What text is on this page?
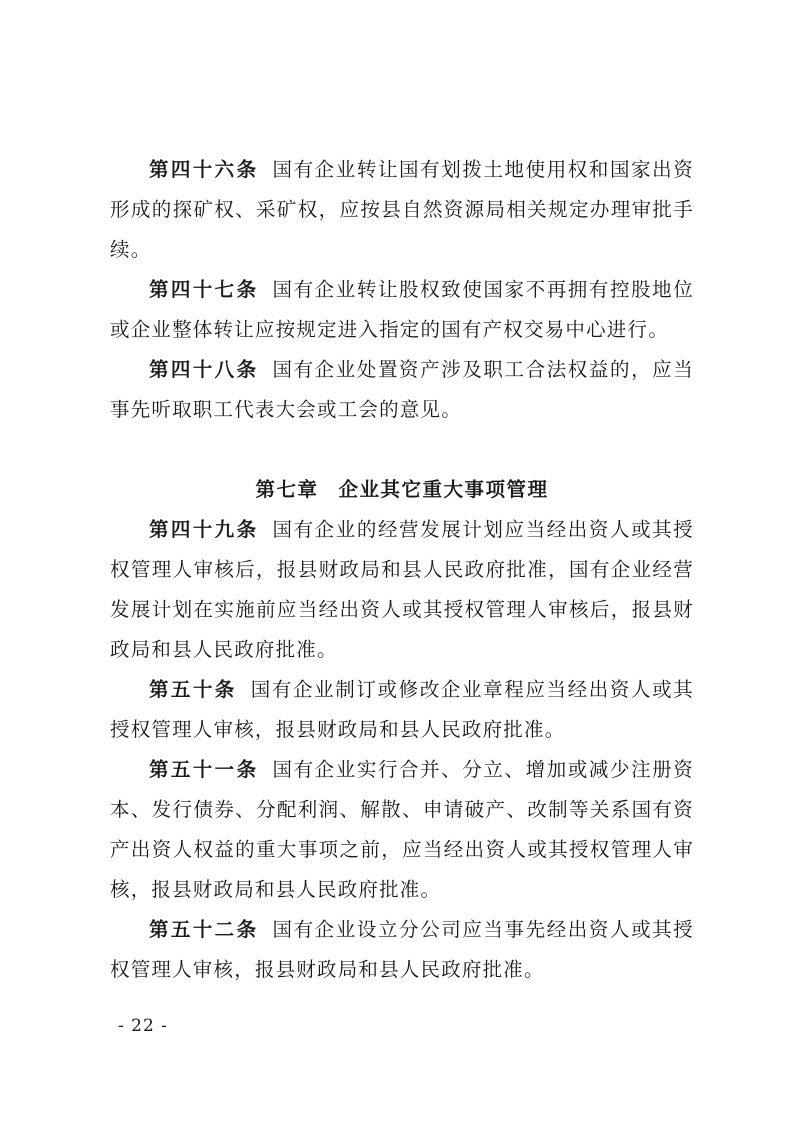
第四十六条 国有企业转让国有划拨土地使用权和国家出资形成的探矿权、采矿权，应按县自然资源局相关规定办理审批手续。

第四十七条 国有企业转让股权致使国家不再拥有控股地位或企业整体转让应按规定进入指定的国有产权交易中心进行。

第四十八条 国有企业处置资产涉及职工合法权益的，应当事先听取职工代表大会或工会的意见。

第七章 企业其它重大事项管理

第四十九条 国有企业的经营发展计划应当经出资人或其授权管理人审核后，报县财政局和县人民政府批准，国有企业经营发展计划在实施前应当经出资人或其授权管理人审核后，报县财政局和县人民政府批准。

第五十条 国有企业制订或修改企业章程应当经出资人或其授权管理人审核，报县财政局和县人民政府批准。

第五十一条 国有企业实行合并、分立、增加或减少注册资本、发行债券、分配利润、解散、申请破产、改制等关系国有资产出资人权益的重大事项之前，应当经出资人或其授权管理人审核，报县财政局和县人民政府批准。

第五十二条 国有企业设立分公司应当事先经出资人或其授权管理人审核，报县财政局和县人民政府批准。

- 22 -
